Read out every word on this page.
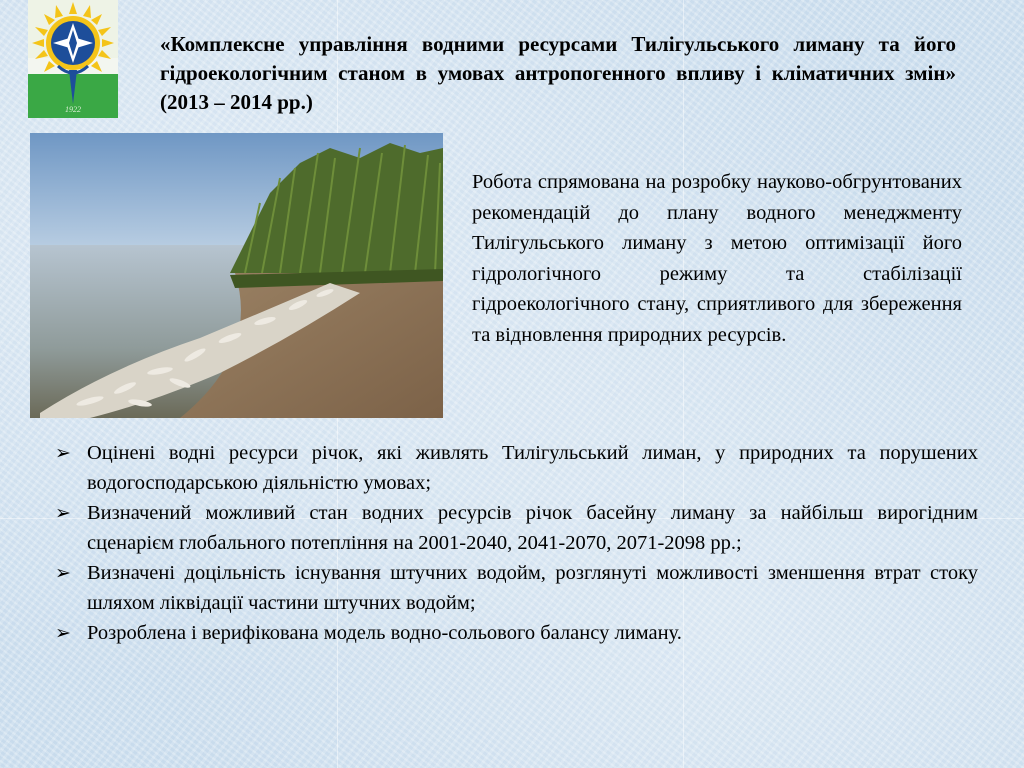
1922

«Комплексне управління водними ресурсами Тилігульського лиману та його гідроекологічним станом в умовах антропогенного впливу і кліматичних змін» (2013 – 2014 рр.)

Робота спрямована на розробку науково-обгрунтованих рекомендацій до плану водного менеджменту Тилігульського лиману з метою оптимізації його гідрологічного режиму та стабілізації гідроекологічного стану, сприятливого для збереження та відновлення природних ресурсів.

➢ Оцінені водні ресурси річок, які живлять Тилігульський лиман, у природних та порушених водогосподарською діяльністю умовах;
➢ Визначений можливий стан водних ресурсів річок басейну лиману за найбільш вирогідним сценарієм глобального потепління на 2001-2040, 2041-2070, 2071-2098 рр.;
➢ Визначені доцільність існування штучних водойм, розглянуті можливості зменшення втрат стоку шляхом ліквідації частини штучних водойм;
➢ Розроблена і верифікована модель водно-сольового балансу лиману.
